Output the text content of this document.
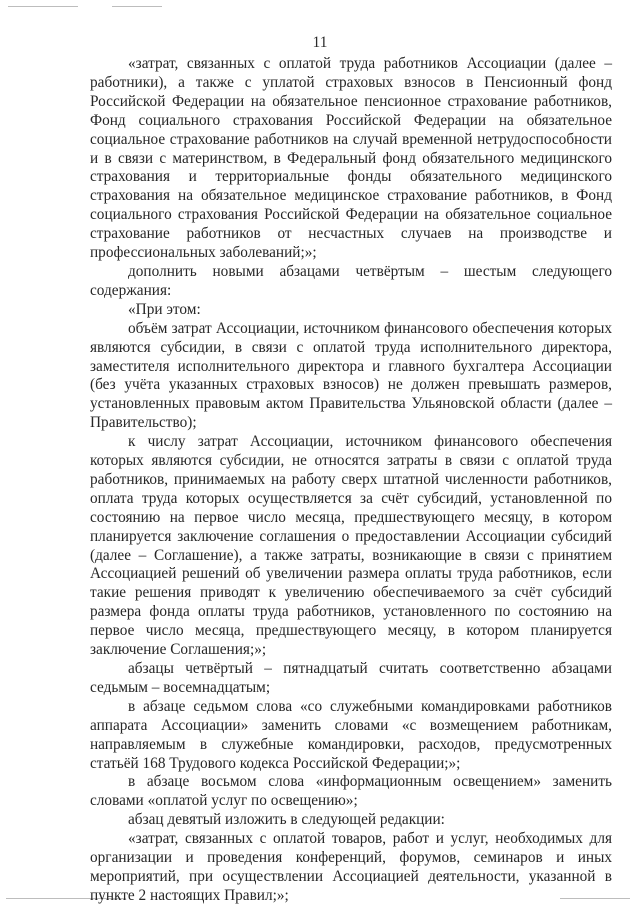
11

«затрат, связанных с оплатой труда работников Ассоциации (далее – работники), а также с уплатой страховых взносов в Пенсионный фонд Российской Федерации на обязательное пенсионное страхование работников, Фонд социального страхования Российской Федерации на обязательное социальное страхование работников на случай временной нетрудоспособности и в связи с материнством, в Федеральный фонд обязательного медицинского страхования и территориальные фонды обязательного медицинского страхования на обязательное медицинское страхование работников, в Фонд социального страхования Российской Федерации на обязательное социальное страхование работников от несчастных случаев на производстве и профессиональных заболеваний;»;

дополнить новыми абзацами четвёртым – шестым следующего содержания:

«При этом:

объём затрат Ассоциации, источником финансового обеспечения которых являются субсидии, в связи с оплатой труда исполнительного директора, заместителя исполнительного директора и главного бухгалтера Ассоциации (без учёта указанных страховых взносов) не должен превышать размеров, установленных правовым актом Правительства Ульяновской области (далее – Правительство);

к числу затрат Ассоциации, источником финансового обеспечения которых являются субсидии, не относятся затраты в связи с оплатой труда работников, принимаемых на работу сверх штатной численности работников, оплата труда которых осуществляется за счёт субсидий, установленной по состоянию на первое число месяца, предшествующего месяцу, в котором планируется заключение соглашения о предоставлении Ассоциации субсидий (далее – Соглашение), а также затраты, возникающие в связи с принятием Ассоциацией решений об увеличении размера оплаты труда работников, если такие решения приводят к увеличению обеспечиваемого за счёт субсидий размера фонда оплаты труда работников, установленного по состоянию на первое число месяца, предшествующего месяцу, в котором планируется заключение Соглашения;»;

абзацы четвёртый – пятнадцатый считать соответственно абзацами седьмым – восемнадцатым;

в абзаце седьмом слова «со служебными командировками работников аппарата Ассоциации» заменить словами «с возмещением работникам, направляемым в служебные командировки, расходов, предусмотренных статьёй 168 Трудового кодекса Российской Федерации;»;

в абзаце восьмом слова «информационным освещением» заменить словами «оплатой услуг по освещению»;

абзац девятый изложить в следующей редакции:

«затрат, связанных с оплатой товаров, работ и услуг, необходимых для организации и проведения конференций, форумов, семинаров и иных мероприятий, при осуществлении Ассоциацией деятельности, указанной в пункте 2 настоящих Правил;»;
